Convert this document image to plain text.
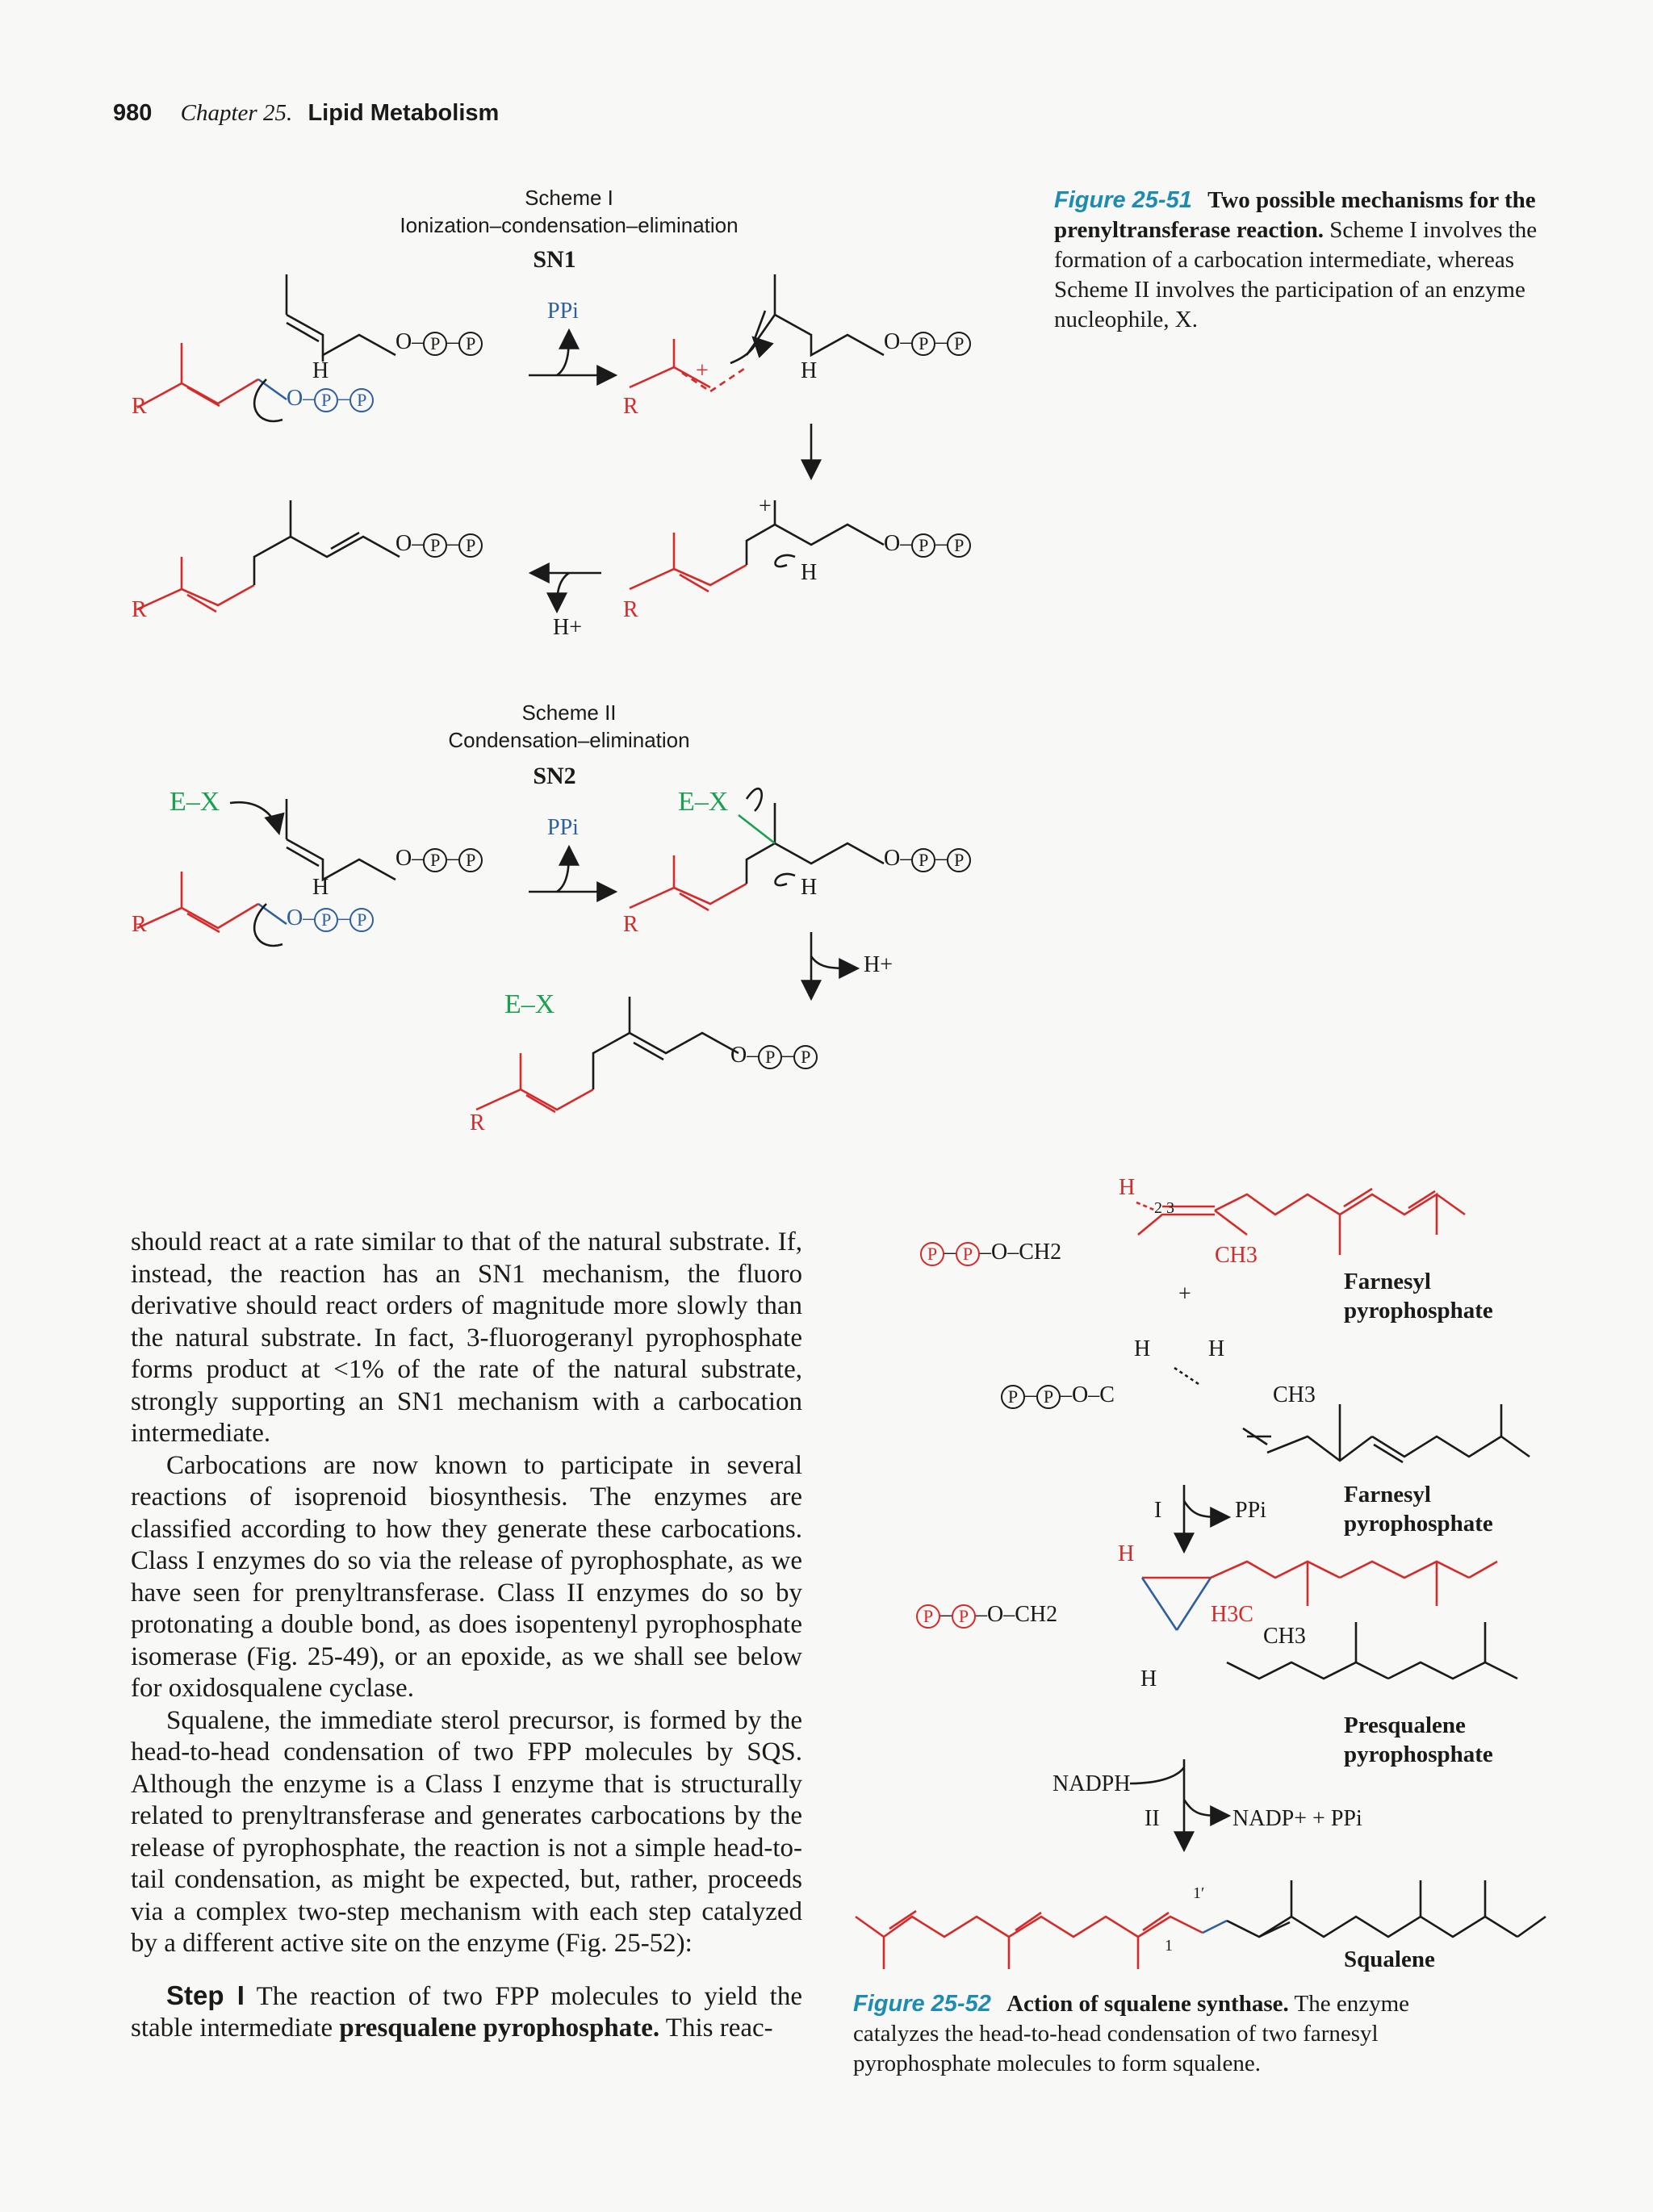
980 Chapter 25. Lipid Metabolism
Scheme I
Ionization–condensation–elimination
SN1
PPi
H
R
O– P – P
O– P – P	R
+	H
O– P – P
+
H
O– P – P
R
H+
O– P – P
R
Scheme II
Condensation–elimination
SN2
PPi
E–X
H
R
O– P – P
O– P – P
E–X
R
H
O– P – P
H+
E–X
O– P – P
R
Figure 25-51 Two possible mechanisms for the prenyltransferase reaction. Scheme I involves the formation of a carbocation intermediate, whereas Scheme II involves the participation of an enzyme nucleophile, X.

should react at a rate similar to that of the natural substrate. If, instead, the reaction has an SN1 mechanism, the fluoro derivative should react orders of magnitude more slowly than the natural substrate. In fact, 3-fluorogeranyl pyrophosphate forms product at <1% of the rate of the natural substrate, strongly supporting an SN1 mechanism with a carbocation intermediate.

Carbocations are now known to participate in several reactions of isoprenoid biosynthesis. The enzymes are classified according to how they generate these carbocations. Class I enzymes do so via the release of pyrophosphate, as we have seen for prenyltransferase. Class II enzymes do so by protonating a double bond, as does isopentenyl pyrophosphate isomerase (Fig. 25-49), or an epoxide, as we shall see below for oxidosqualene cyclase.

Squalene, the immediate sterol precursor, is formed by the head-to-head condensation of two FPP molecules by SQS. Although the enzyme is a Class I enzyme that is structurally related to prenyltransferase and generates carbocations by the release of pyrophosphate, the reaction is not a simple head-to-tail condensation, as might be expected, but, rather, proceeds via a complex two-step mechanism with each step catalyzed by a different active site on the enzyme (Fig. 25-52):

Step I The reaction of two FPP molecules to yield the stable intermediate presqualene pyrophosphate. This reac-

H
2 3
P – P –O–CH2	CH3
Farnesyl pyrophosphate
+
H	H
P – P –O–C	CH3
Farnesyl pyrophosphate
I	PPi
H
P – P –O–CH2	H3C
CH3
H
Presqualene pyrophosphate
NADPH
II	NADP+ + PPi
1′
1
Squalene
Figure 25-52 Action of squalene synthase. The enzyme catalyzes the head-to-head condensation of two farnesyl pyrophosphate molecules to form squalene.
